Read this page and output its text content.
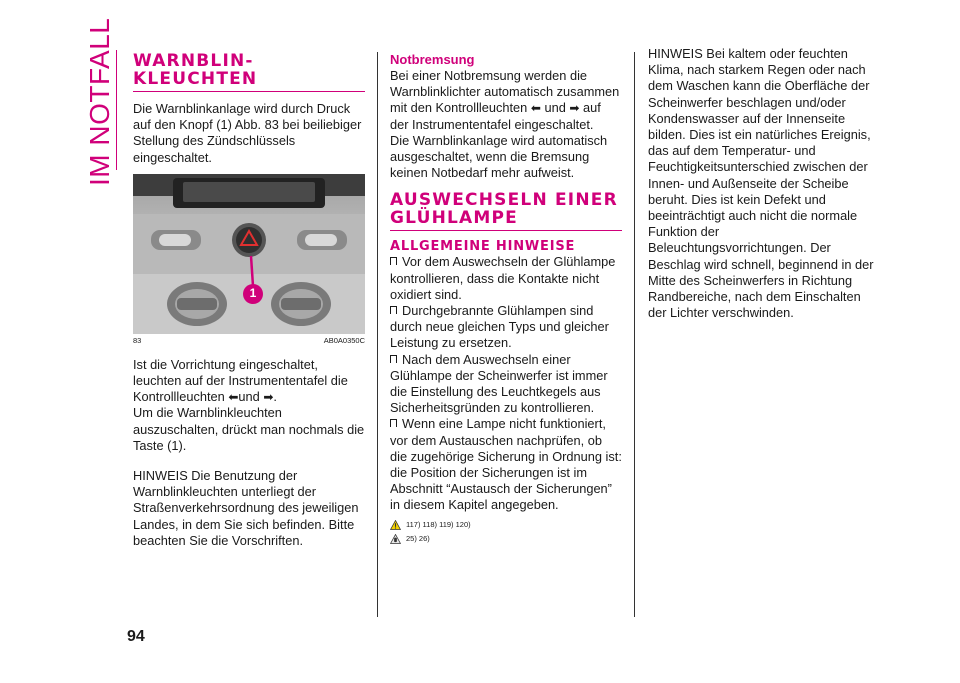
IM NOTFALL	WARNBLIN-
KLEUCHTEN

Die Warnblinkanlage wird durch Druck auf den Knopf (1) Abb. 83 bei beiliebiger Stellung des Zündschlüssels eingeschaltet.

1
83	AB0A0350C

Ist die Vorrichtung eingeschaltet, leuchten auf der Instrumententafel die Kontrollleuchten ⬅und ➡.

Um die Warnblinkleuchten auszuschalten, drückt man nochmals die Taste (1).

HINWEIS Die Benutzung der Warnblinkleuchten unterliegt der Straßenverkehrsordnung des jeweiligen Landes, in dem Sie sich befinden. Bitte beachten Sie die Vorschriften.

Notbremsung

Bei einer Notbremsung werden die Warnblinklichter automatisch zusammen mit den Kontrollleuchten ⬅ und ➡ auf der Instrumententafel eingeschaltet.

Die Warnblinkanlage wird automatisch ausgeschaltet, wenn die Bremsung keinen Notbedarf mehr aufweist.

AUSWECHSELN EINER GLÜHLAMPE
ALLGEMEINE HINWEISE

Vor dem Auswechseln der Glühlampe kontrollieren, dass die Kontakte nicht oxidiert sind.

Durchgebrannte Glühlampen sind durch neue gleichen Typs und gleicher Leistung zu ersetzen.

Nach dem Auswechseln einer Glühlampe der Scheinwerfer ist immer die Einstellung des Leuchtkegels aus Sicherheitsgründen zu kontrollieren.

Wenn eine Lampe nicht funktioniert, vor dem Austauschen nachprüfen, ob die zugehörige Sicherung in Ordnung ist: die Position der Sicherungen ist im Abschnitt “Austausch der Sicherungen” in diesem Kapitel angegeben.

117) 118) 119) 120)
25) 26)

HINWEIS Bei kaltem oder feuchten Klima, nach starkem Regen oder nach dem Waschen kann die Oberfläche der Scheinwerfer beschlagen und/oder Kondenswasser auf der Innenseite bilden. Dies ist ein natürliches Ereignis, das auf dem Temperatur- und Feuchtigkeitsunterschied zwischen der Innen- und Außenseite der Scheibe beruht. Dies ist kein Defekt und beeinträchtigt auch nicht die normale Funktion der Beleuchtungsvorrichtungen. Der Beschlag wird schnell, beginnend in der Mitte des Scheinwerfers in Richtung Randbereiche, nach dem Einschalten der Lichter verschwinden.

94
